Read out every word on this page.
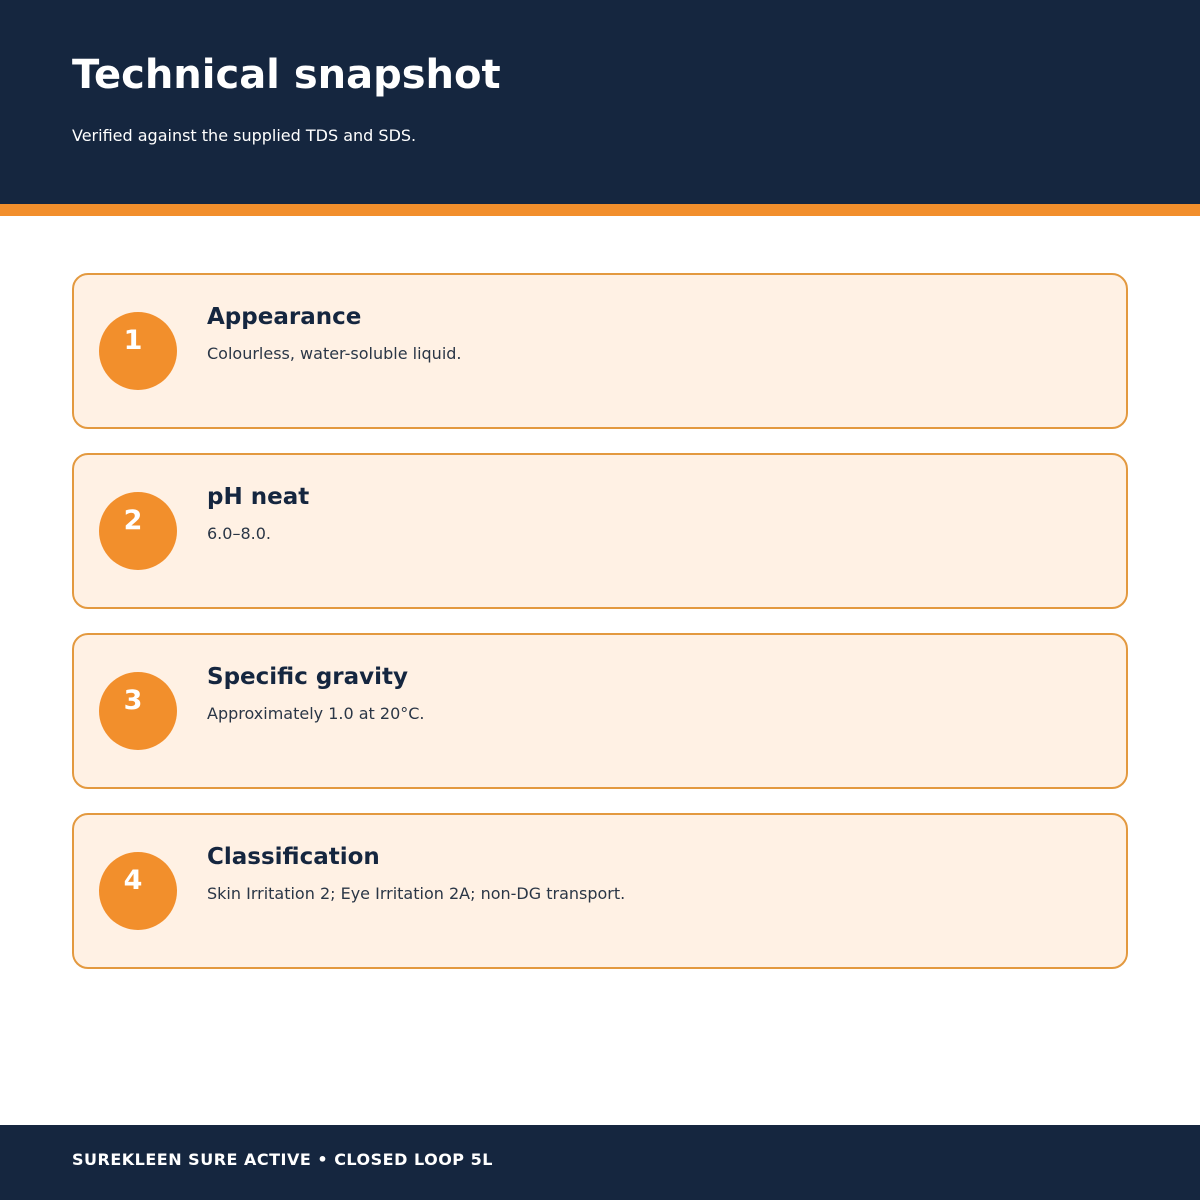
Technical snapshot

Verified against the supplied TDS and SDS.

1
Appearance

Colourless, water-soluble liquid.

2
pH neat

6.0–8.0.

3
Specific gravity

Approximately 1.0 at 20°C.

4
Classification

Skin Irritation 2; Eye Irritation 2A; non-DG transport.

SUREKLEEN SURE ACTIVE • CLOSED LOOP 5L
